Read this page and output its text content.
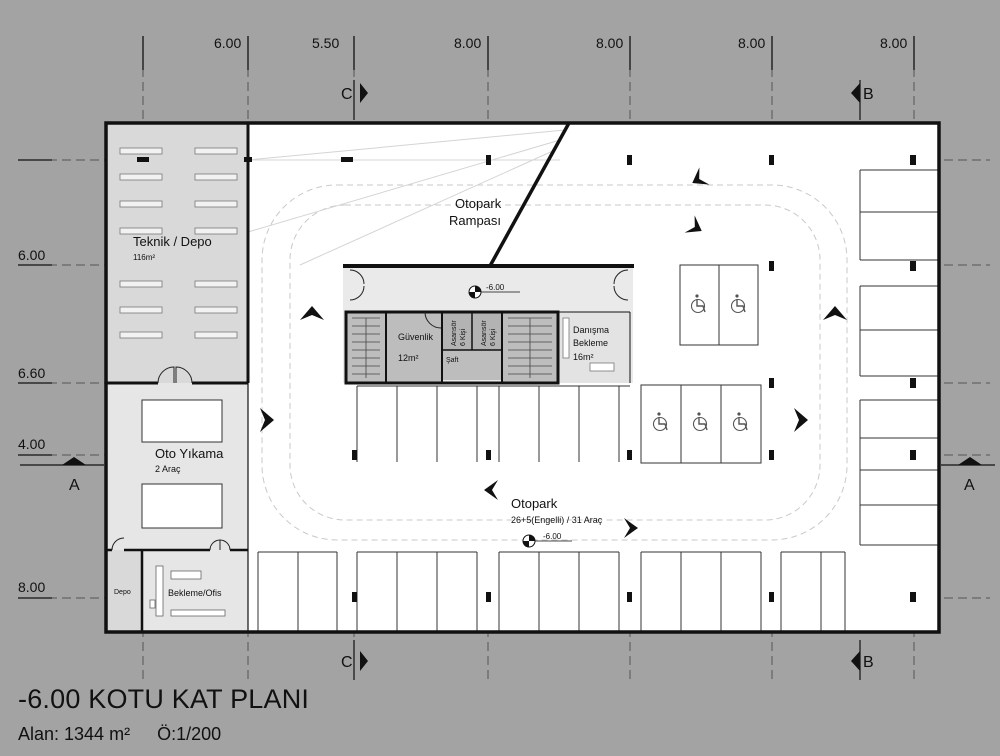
6.00	5.50	8.00	8.00	8.00	8.00
6.00
6.60
4.00
8.00
A	A
B
B
C
C
Teknik / Depo
116m²
Otopark
Rampası
-6.00
Güvenlik
12m²
Asansör 6 Kişi Asansör 6 Kişi
Şaft
Danışma
Bekleme
16m²
Oto Yıkama
2 Araç
Otopark
26+5(Engelli) / 31 Araç
-6.00
Depo	Bekleme/Ofis
-6.00 KOTU KAT PLANI
Alan: 1344 m² Ö:1/200
